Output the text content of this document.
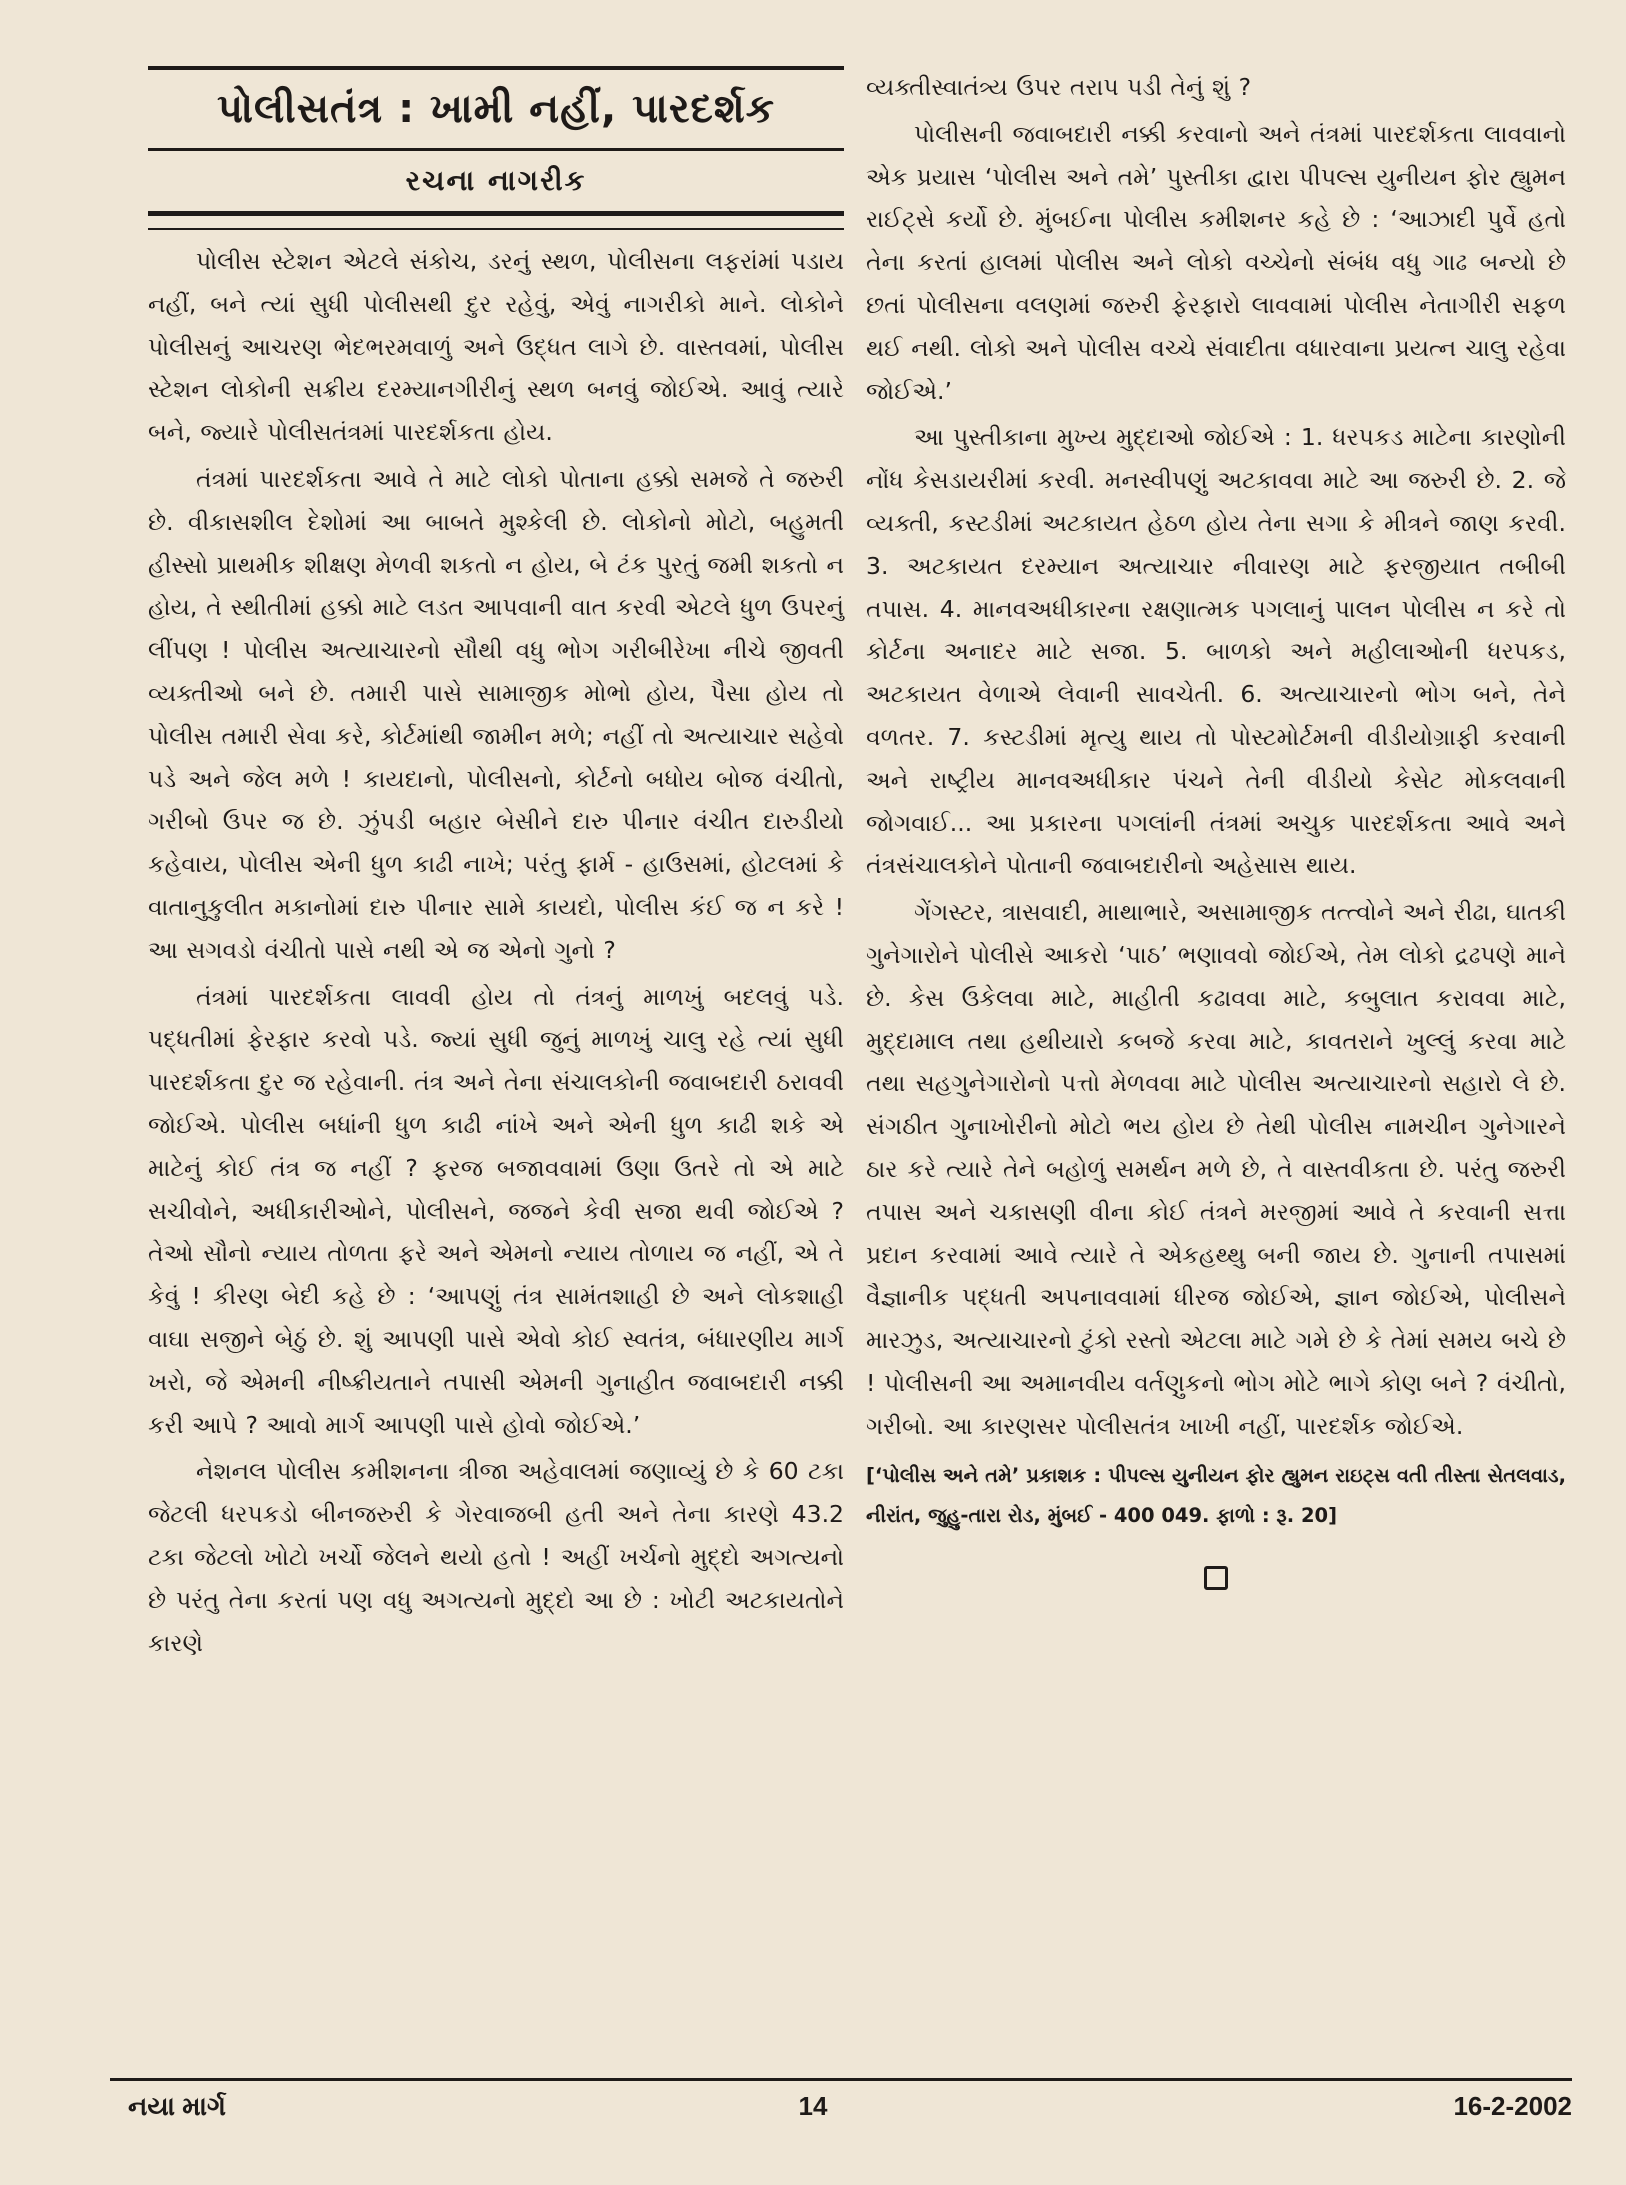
પોલીસતંત્ર : ખામી નહીં, પારદર્શક
રચના નાગરીક

પોલીસ સ્ટેશન એટલે સંકોચ, ડરનું સ્થળ, પોલીસના લફરાંમાં પડાય નહીં, બને ત્યાં સુધી પોલીસથી દુર રહેવું, એવું નાગરીકો માને. લોકોને પોલીસનું આચરણ ભેદભરમવાળું અને ઉદ્ધત લાગે છે. વાસ્તવમાં, પોલીસ સ્ટેશન લોકોની સક્રીય દરમ્યાનગીરીનું સ્થળ બનવું જોઈએ. આવું ત્યારે બને, જ્યારે પોલીસતંત્રમાં પારદર્શકતા હોય.

તંત્રમાં પારદર્શકતા આવે તે માટે લોકો પોતાના હક્કો સમજે તે જરુરી છે. વીકાસશીલ દેશોમાં આ બાબતે મુશ્કેલી છે. લોકોનો મોટો, બહુમતી હીસ્સો પ્રાથમીક શીક્ષણ મેળવી શકતો ન હોય, બે ટંક પુરતું જમી શકતો ન હોય, તે સ્થીતીમાં હક્કો માટે લડત આપવાની વાત કરવી એટલે ધુળ ઉપરનું લીંપણ ! પોલીસ અત્યાચારનો સૌથી વધુ ભોગ ગરીબીરેખા નીચે જીવતી વ્યક્તીઓ બને છે. તમારી પાસે સામાજીક મોભો હોય, પૈસા હોય તો પોલીસ તમારી સેવા કરે, કોર્ટમાંથી જામીન મળે; નહીં તો અત્યાચાર સહેવો પડે અને જેલ મળે ! કાયદાનો, પોલીસનો, કોર્ટનો બધોય બોજ વંચીતો, ગરીબો ઉપર જ છે. ઝુંપડી બહાર બેસીને દારુ પીનાર વંચીત દારુડીયો કહેવાય, પોલીસ એની ધુળ કાઢી નાખે; પરંતુ ફાર્મ - હાઉસમાં, હોટલમાં કે વાતાનુકુલીત મકાનોમાં દારુ પીનાર સામે કાયદો, પોલીસ કંઈ જ ન કરે ! આ સગવડો વંચીતો પાસે નથી એ જ એનો ગુનો ?

તંત્રમાં પારદર્શકતા લાવવી હોય તો તંત્રનું માળખું બદલવું પડે. પદ્ધતીમાં ફેરફાર કરવો પડે. જ્યાં સુધી જુનું માળખું ચાલુ રહે ત્યાં સુધી પારદર્શકતા દુર જ રહેવાની. તંત્ર અને તેના સંચાલકોની જવાબદારી ઠરાવવી જોઈએ. પોલીસ બધાંની ધુળ કાઢી નાંખે અને એની ધુળ કાઢી શકે એ માટેનું કોઈ તંત્ર જ નહીં ? ફરજ બજાવવામાં ઉણા ઉતરે તો એ માટે સચીવોને, અધીકારીઓને, પોલીસને, જજને કેવી સજા થવી જોઈએ ? તેઓ સૌનો ન્યાય તોળતા ફરે અને એમનો ન્યાય તોળાય જ નહીં, એ તે કેવું ! કીરણ બેદી કહે છે : ‘આપણું તંત્ર સામંતશાહી છે અને લોકશાહી વાઘા સજીને બેઠું છે. શું આપણી પાસે એવો કોઈ સ્વતંત્ર, બંધારણીય માર્ગ ખરો, જે એમની નીષ્ક્રીયતાને તપાસી એમની ગુનાહીત જવાબદારી નક્કી કરી આપે ? આવો માર્ગ આપણી પાસે હોવો જોઈએ.’

નેશનલ પોલીસ કમીશનના ત્રીજા અહેવાલમાં જણાવ્યું છે કે 60 ટકા જેટલી ધરપકડો બીનજરુરી કે ગેરવાજબી હતી અને તેના કારણે 43.2 ટકા જેટલો ખોટો ખર્ચો જેલને થયો હતો ! અહીં ખર્ચનો મુદ્દો અગત્યનો છે પરંતુ તેના કરતાં પણ વધુ અગત્યનો મુદ્દો આ છે : ખોટી અટકાયતોને કારણે

વ્યક્તીસ્વાતંત્ર્ય ઉપર તરાપ પડી તેનું શું ?

પોલીસની જવાબદારી નક્કી કરવાનો અને તંત્રમાં પારદર્શકતા લાવવાનો એક પ્રયાસ ‘પોલીસ અને તમે’ પુસ્તીકા દ્વારા પીપલ્સ યુનીયન ફોર હ્યુમન રાઈટ્સે કર્યો છે. મુંબઈના પોલીસ કમીશનર કહે છે : ‘આઝાદી પુર્વે હતો તેના કરતાં હાલમાં પોલીસ અને લોકો વચ્ચેનો સંબંધ વધુ ગાઢ બન્યો છે છતાં પોલીસના વલણમાં જરુરી ફેરફારો લાવવામાં પોલીસ નેતાગીરી સફળ થઈ નથી. લોકો અને પોલીસ વચ્ચે સંવાદીતા વધારવાના પ્રયત્ન ચાલુ રહેવા જોઈએ.’

આ પુસ્તીકાના મુખ્ય મુદ્દાઓ જોઈએ : 1. ધરપકડ માટેના કારણોની નોંધ કેસડાયરીમાં કરવી. મનસ્વીપણું અટકાવવા માટે આ જરુરી છે. 2. જે વ્યક્તી, કસ્ટડીમાં અટકાયત હેઠળ હોય તેના સગા કે મીત્રને જાણ કરવી. 3. અટકાયત દરમ્યાન અત્યાચાર નીવારણ માટે ફરજીયાત તબીબી તપાસ. 4. માનવઅધીકારના રક્ષણાત્મક પગલાનું પાલન પોલીસ ન કરે તો કોર્ટના અનાદર માટે સજા. 5. બાળકો અને મહીલાઓની ધરપકડ, અટકાયત વેળાએ લેવાની સાવચેતી. 6. અત્યાચારનો ભોગ બને, તેને વળતર. 7. કસ્ટડીમાં મૃત્યુ થાય તો પોસ્ટમોર્ટમની વીડીયોગ્રાફી કરવાની અને રાષ્ટ્રીય માનવઅધીકાર પંચને તેની વીડીયો કેસેટ મોકલવાની જોગવાઈ... આ પ્રકારના પગલાંની તંત્રમાં અચુક પારદર્શકતા આવે અને તંત્રસંચાલકોને પોતાની જવાબદારીનો અહેસાસ થાય.

ગેંગસ્ટર, ત્રાસવાદી, માથાભારે, અસામાજીક તત્ત્વોને અને રીઢા, ઘાતકી ગુનેગારોને પોલીસે આકરો ‘પાઠ’ ભણાવવો જોઈએ, તેમ લોકો દ્રઢપણે માને છે. કેસ ઉકેલવા માટે, માહીતી કઢાવવા માટે, કબુલાત કરાવવા માટે, મુદ્દામાલ તથા હથીયારો કબજે કરવા માટે, કાવતરાને ખુલ્લું કરવા માટે તથા સહગુનેગારોનો પત્તો મેળવવા માટે પોલીસ અત્યાચારનો સહારો લે છે. સંગઠીત ગુનાખોરીનો મોટો ભય હોય છે તેથી પોલીસ નામચીન ગુનેગારને ઠાર કરે ત્યારે તેને બહોળું સમર્થન મળે છે, તે વાસ્તવીકતા છે. પરંતુ જરુરી તપાસ અને ચકાસણી વીના કોઈ તંત્રને મરજીમાં આવે તે કરવાની સત્તા પ્રદાન કરવામાં આવે ત્યારે તે એકહથ્થુ બની જાય છે. ગુનાની તપાસમાં વૈજ્ઞાનીક પદ્ધતી અપનાવવામાં ધીરજ જોઈએ, જ્ઞાન જોઈએ, પોલીસને મારઝુડ, અત્યાચારનો ટુંકો રસ્તો એટલા માટે ગમે છે કે તેમાં સમય બચે છે ! પોલીસની આ અમાનવીય વર્તણુકનો ભોગ મોટે ભાગે કોણ બને ? વંચીતો, ગરીબો. આ કારણસર પોલીસતંત્ર ખાખી નહીં, પારદર્શક જોઈએ.

[‘પોલીસ અને તમે’ પ્રકાશક : પીપલ્સ યુનીયન ફોર હ્યુમન રાઇટ્સ વતી તીસ્તા સેતલવાડ, નીરાંત, જુહુ-તારા રોડ, મુંબઈ - 400 049. ફાળો : રૂ. 20]
નયા માર્ગ	14	16-2-2002
